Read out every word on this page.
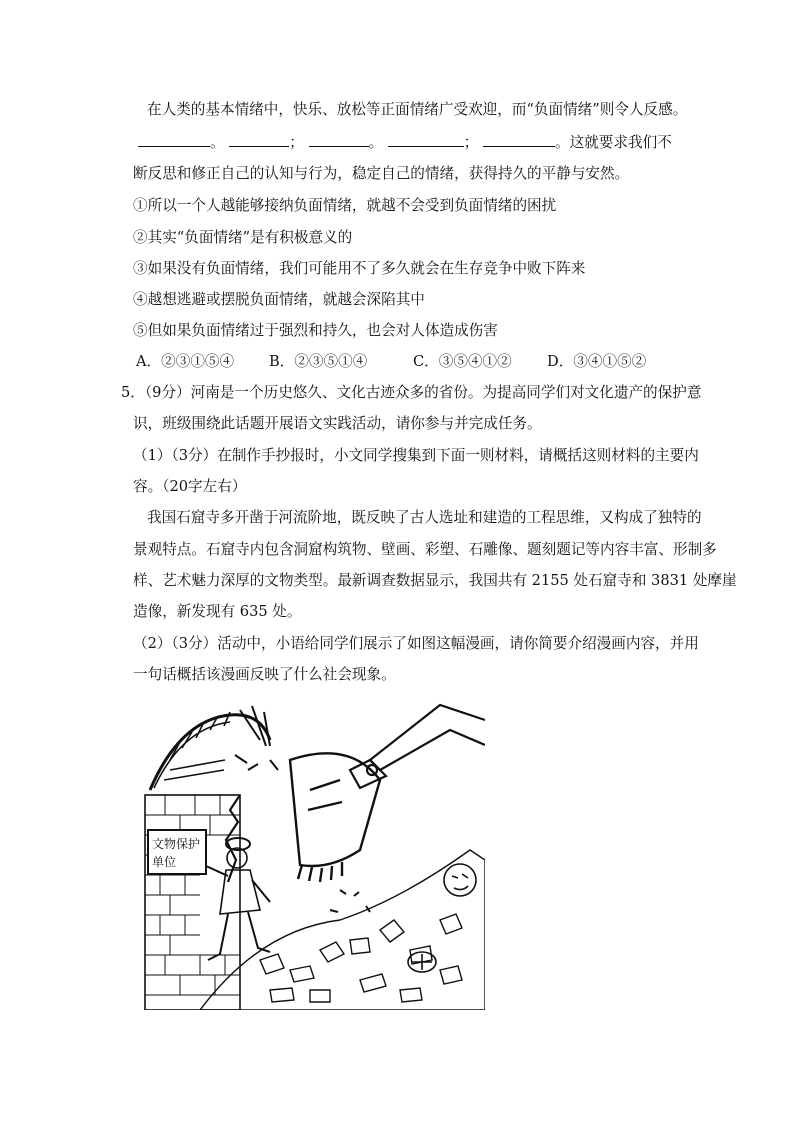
在人类的基本情绪中，快乐、放松等正面情绪广受欢迎，而“负面情绪”则令人反感。
。	；	。	；	。这就要求我们不
断反思和修正自己的认知与行为，稳定自己的情绪，获得持久的平静与安然。
①所以一个人越能够接纳负面情绪，就越不会受到负面情绪的困扰
②其实“负面情绪”是有积极意义的
③如果没有负面情绪，我们可能用不了多久就会在生存竞争中败下阵来
④越想逃避或摆脱负面情绪，就越会深陷其中
⑤但如果负面情绪过于强烈和持久，也会对人体造成伤害
A．②③①⑤④ B．②③⑤①④	C．③⑤④①② D．③④①⑤②
5．（9分）河南是一个历史悠久、文化古迹众多的省份。为提高同学们对文化遗产的保护意
识，班级围绕此话题开展语文实践活动，请你参与并完成任务。
（1）（3分）在制作手抄报时，小文同学搜集到下面一则材料，请概括这则材料的主要内
容。（20字左右）
我国石窟寺多开凿于河流阶地，既反映了古人选址和建造的工程思维，又构成了独特的
景观特点。石窟寺内包含洞窟构筑物、壁画、彩塑、石雕像、题刻题记等内容丰富、形制多
样、艺术魅力深厚的文物类型。最新调查数据显示，我国共有 2155 处石窟寺和 3831 处摩崖
造像，新发现有 635 处。
（2）（3分）活动中，小语给同学们展示了如图这幅漫画，请你简要介绍漫画内容，并用
一句话概括该漫画反映了什么社会现象。
文物保护
单位
